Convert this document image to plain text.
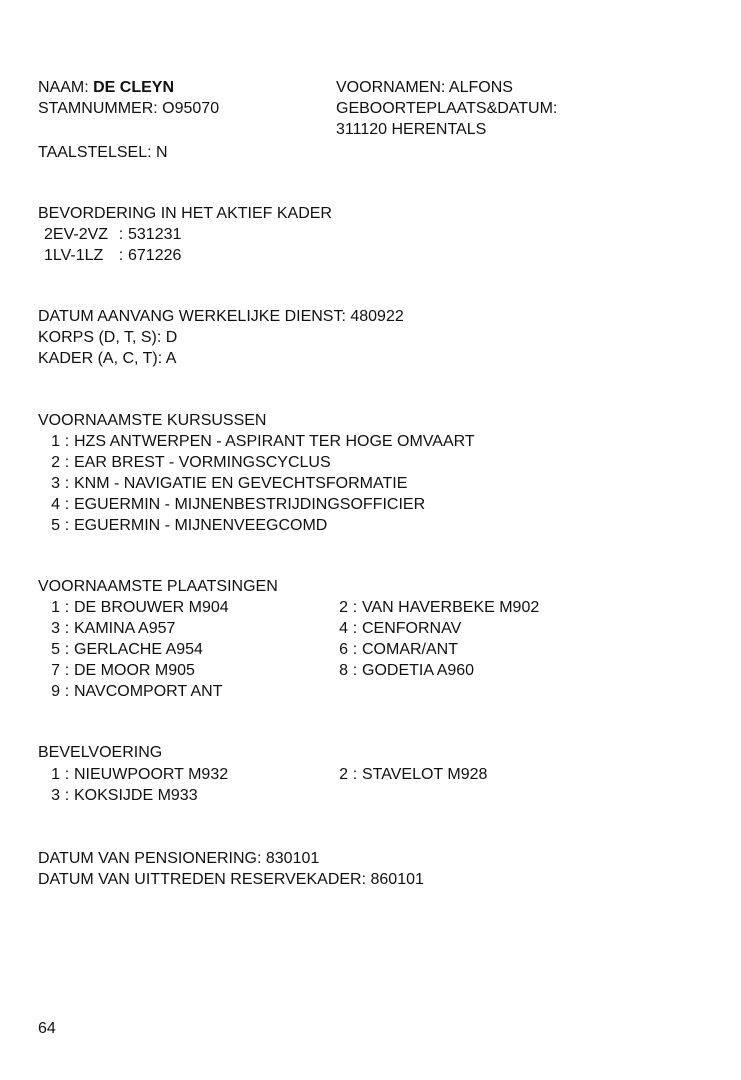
NAAM: DE CLEYN
STAMNUMMER: O95070
VOORNAMEN: ALFONS
GEBOORTEPLAATS&DATUM:
311120 HERENTALS
TAALSTELSEL: N
BEVORDERING IN HET AKTIEF KADER
2EV-2VZ : 531231
1LV-1LZ : 671226
DATUM AANVANG WERKELIJKE DIENST: 480922
KORPS (D, T, S): D
KADER (A, C, T): A
VOORNAAMSTE KURSUSSEN
1 : HZS ANTWERPEN - ASPIRANT TER HOGE OMVAART
2 : EAR BREST - VORMINGSCYCLUS
3 : KNM - NAVIGATIE EN GEVECHTSFORMATIE
4 : EGUERMIN - MIJNENBESTRIJDINGSOFFICIER
5 : EGUERMIN - MIJNENVEEGCOMD
VOORNAAMSTE PLAATSINGEN
1 : DE BROUWER M904
3 : KAMINA A957
5 : GERLACHE A954
7 : DE MOOR M905
9 : NAVCOMPORT ANT
2 : VAN HAVERBEKE M902
4 : CENFORNAV
6 : COMAR/ANT
8 : GODETIA A960
BEVELVOERING
1 : NIEUWPOORT M932
3 : KOKSIJDE M933
2 : STAVELOT M928
DATUM VAN PENSIONERING: 830101
DATUM VAN UITTREDEN RESERVEKADER: 860101
64
